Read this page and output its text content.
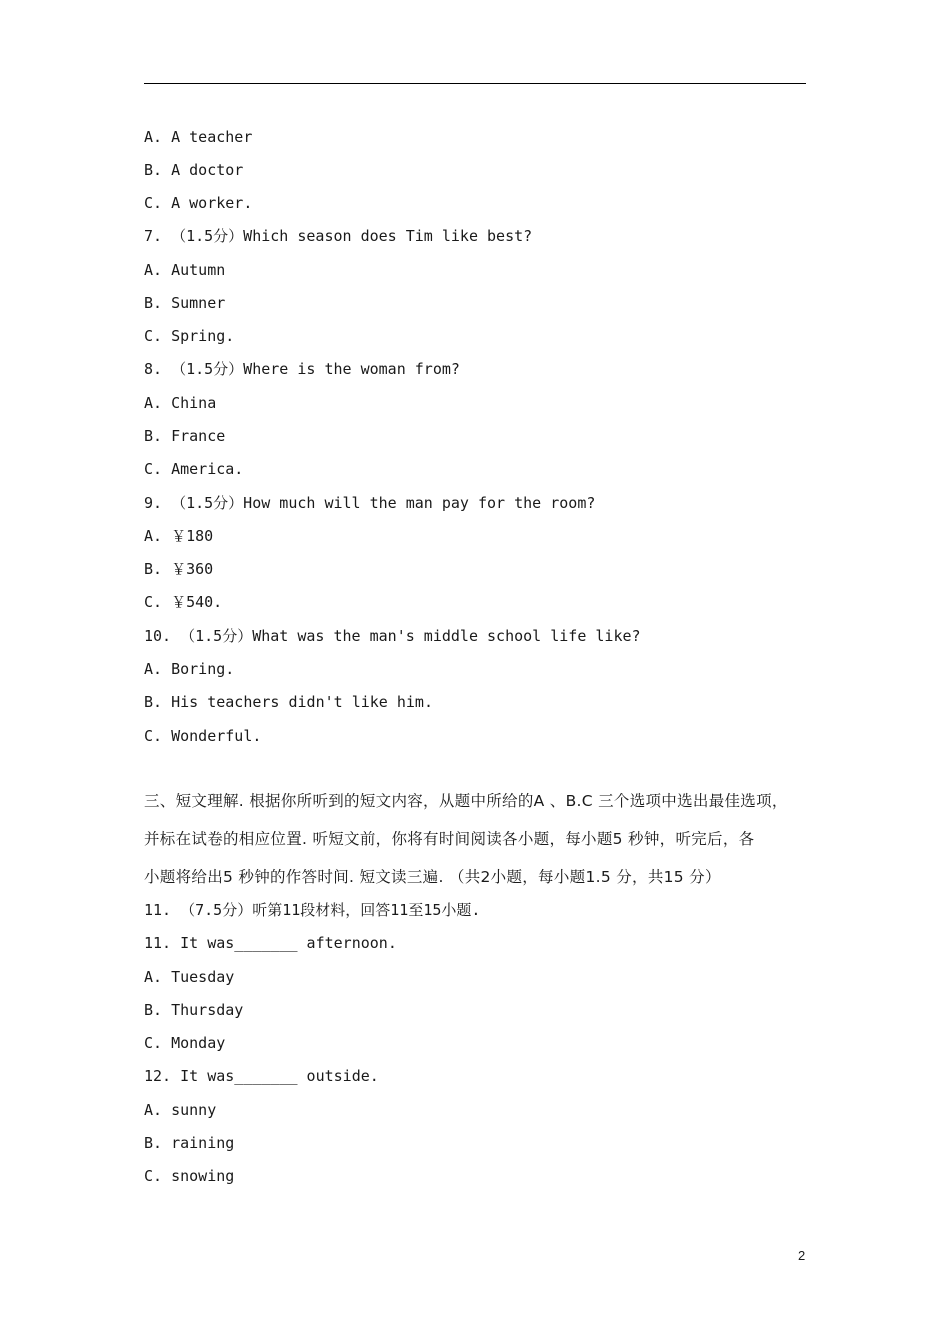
A. A teacher
B. A doctor
C. A worker.
7. （1.5分）Which season does Tim like best?
A. Autumn
B. Sumner
C. Spring.
8. （1.5分）Where is the woman from?
A. China
B. France
C. America.
9. （1.5分）How much will the man pay for the room?
A. ￥180
B. ￥360
C. ￥540.
10. （1.5分）What was the man's middle school life like?
A. Boring.
B. His teachers didn't like him.
C. Wonderful.
三、短文理解. 根据你所听到的短文内容，从题中所给的A 、B.C 三个选项中选出最佳选项，
并标在试卷的相应位置. 听短文前，你将有时间阅读各小题，每小题5 秒钟，听完后，各
小题将给出5 秒钟的作答时间. 短文读三遍. （共2小题，每小题1.5 分，共15 分）
11. （7.5分）听第11段材料，回答11至15小题.
11. It was_______ afternoon.
A. Tuesday
B. Thursday
C. Monday
12. It was_______ outside.
A. sunny
B. raining
C. snowing
2
